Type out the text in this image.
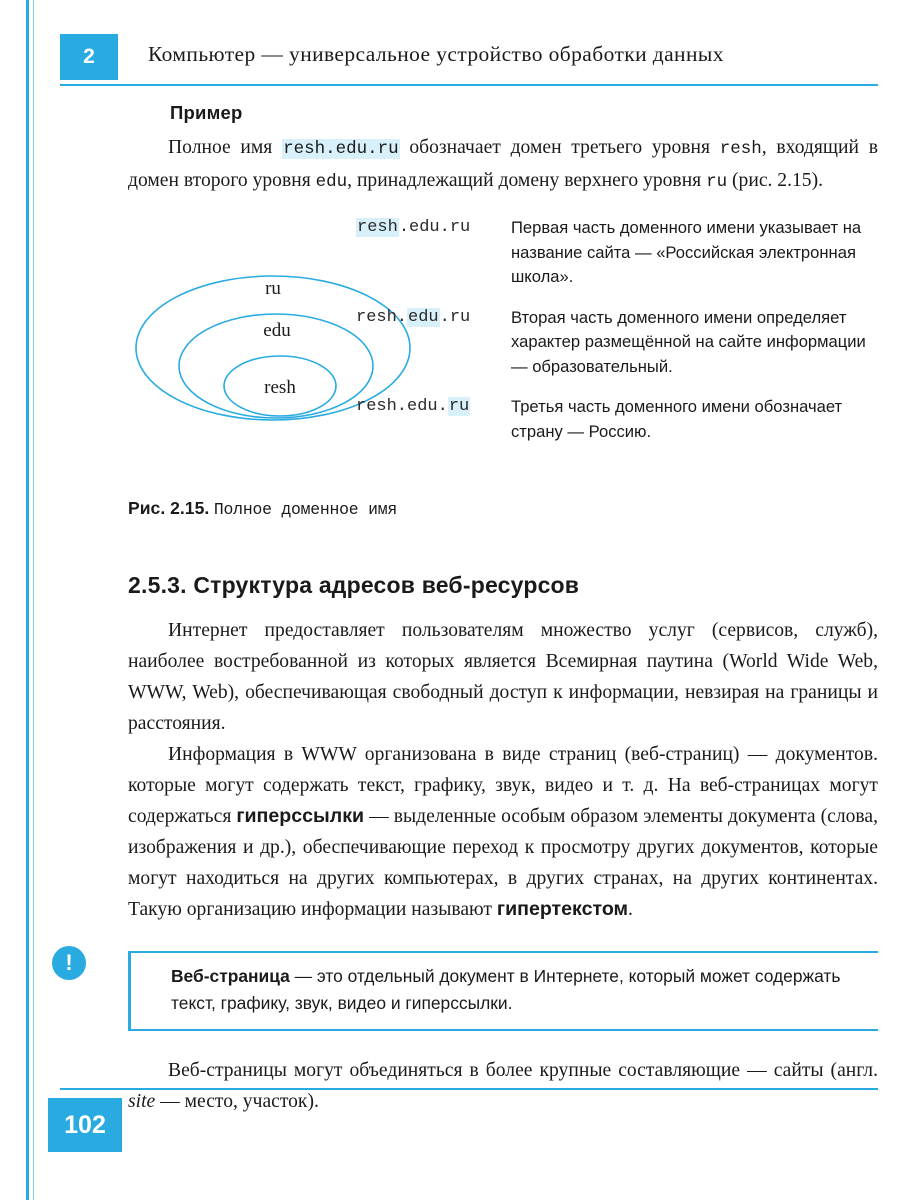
2	Компьютер — универсальное устройство обработки данных
Пример

Полное имя resh.edu.ru обозначает домен третьего уровня resh, входящий в домен второго уровня edu, принадлежащий домену верхнего уровня ru (рис. 2.15).

ru
edu
resh
resh.edu.ru	Первая часть доменного имени указывает на название сайта — «Российская электронная школа».
resh.edu.ru	Вторая часть доменного имени определяет характер размещённой на сайте информации — образовательный.
resh.edu.ru	Третья часть доменного имени обозначает страну — Россию.
Рис. 2.15. Полное доменное имя
2.5.3. Структура адресов веб-ресурсов

Интернет предоставляет пользователям множество услуг (сервисов, служб), наиболее востребованной из которых является Всемирная паутина (World Wide Web, WWW, Web), обеспечивающая свободный доступ к информации, невзирая на границы и расстояния.

Информация в WWW организована в виде страниц (веб-страниц) — документов. которые могут содержать текст, графику, звук, видео и т. д. На веб-страницах могут содержаться гиперссылки — выделенные особым образом элементы документа (слова, изображения и др.), обеспечивающие переход к просмотру других документов, которые могут находиться на других компьютерах, в других странах, на других континентах. Такую организацию информации называют гипертекстом.

Веб-страница — это отдельный документ в Интернете, который может содержать текст, графику, звук, видео и гиперссылки.

Веб-страницы могут объединяться в более крупные составляющие — сайты (англ. site — место, участок).

!
102
